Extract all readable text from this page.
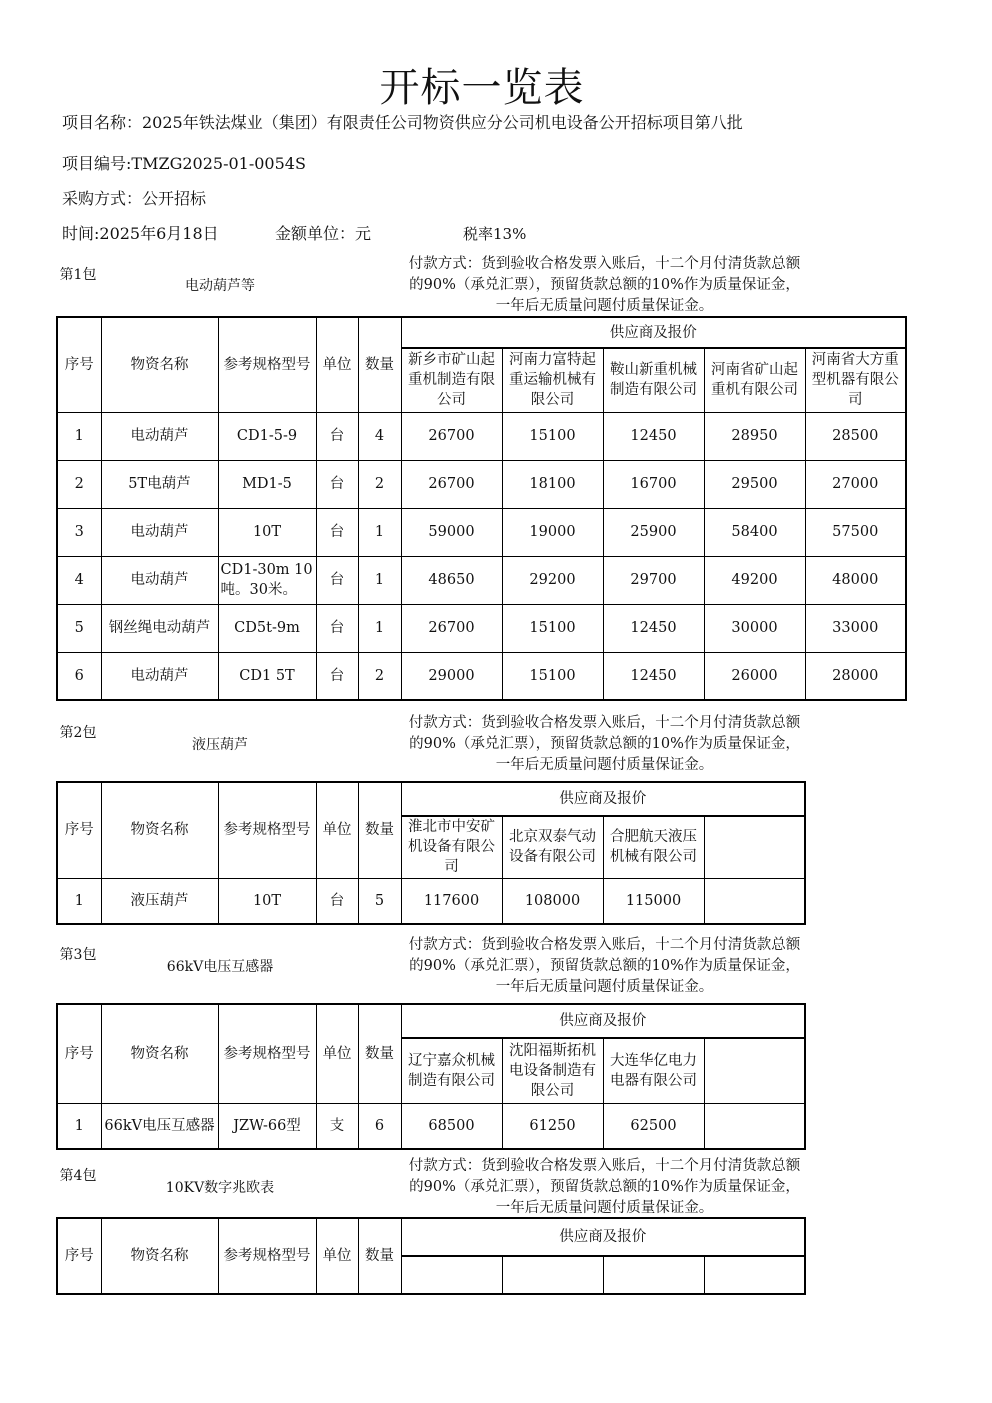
开标一览表
项目名称：2025年铁法煤业（集团）有限责任公司物资供应分公司机电设备公开招标项目第八批
项目编号:TMZG2025-01-0054S
采购方式：公开招标
时间:2025年6月18日	金额单位：元	税率13%
第1包
电动葫芦等
付款方式：货到验收合格发票入账后，十二个月付清货款总额的90%（承兑汇票），预留货款总额的10%作为质量保证金，一年后无质量问题付质量保证金。
序号	物资名称	参考规格型号	单位	数量	供应商及报价				
					新乡市矿山起重机制造有限公司	河南力富特起重运输机械有限公司	鞍山新重机械制造有限公司	河南省矿山起重机有限公司	河南省大方重型机器有限公司
1	电动葫芦	CD1-5-9	台	4	26700	15100	12450	28950	28500
2	5T电葫芦	MD1-5	台	2	26700	18100	16700	29500	27000
3	电动葫芦	10T	台	1	59000	19000	25900	58400	57500
4	电动葫芦	CD1-30m 10吨。30米。	台	1	48650	29200	29700	49200	48000
5	钢丝绳电动葫芦	CD5t-9m	台	1	26700	15100	12450	30000	33000
6	电动葫芦	CD1 5T	台	2	29000	15100	12450	26000	28000
第2包
液压葫芦
付款方式：货到验收合格发票入账后，十二个月付清货款总额的90%（承兑汇票），预留货款总额的10%作为质量保证金，一年后无质量问题付质量保证金。
序号	物资名称	参考规格型号	单位	数量	供应商及报价			
					淮北市中安矿机设备有限公司	北京双泰气动设备有限公司	合肥航天液压机械有限公司	
1	液压葫芦	10T	台	5	117600	108000	115000	
第3包
66kV电压互感器
付款方式：货到验收合格发票入账后，十二个月付清货款总额的90%（承兑汇票），预留货款总额的10%作为质量保证金，一年后无质量问题付质量保证金。
序号	物资名称	参考规格型号	单位	数量	供应商及报价			
					辽宁嘉众机械制造有限公司	沈阳福斯拓机电设备制造有限公司	大连华亿电力电器有限公司	
1	66kV电压互感器	JZW-66型	支	6	68500	61250	62500	
第4包
10KV数字兆欧表
付款方式：货到验收合格发票入账后，十二个月付清货款总额的90%（承兑汇票），预留货款总额的10%作为质量保证金，一年后无质量问题付质量保证金。
序号	物资名称	参考规格型号	单位	数量	供应商及报价			
